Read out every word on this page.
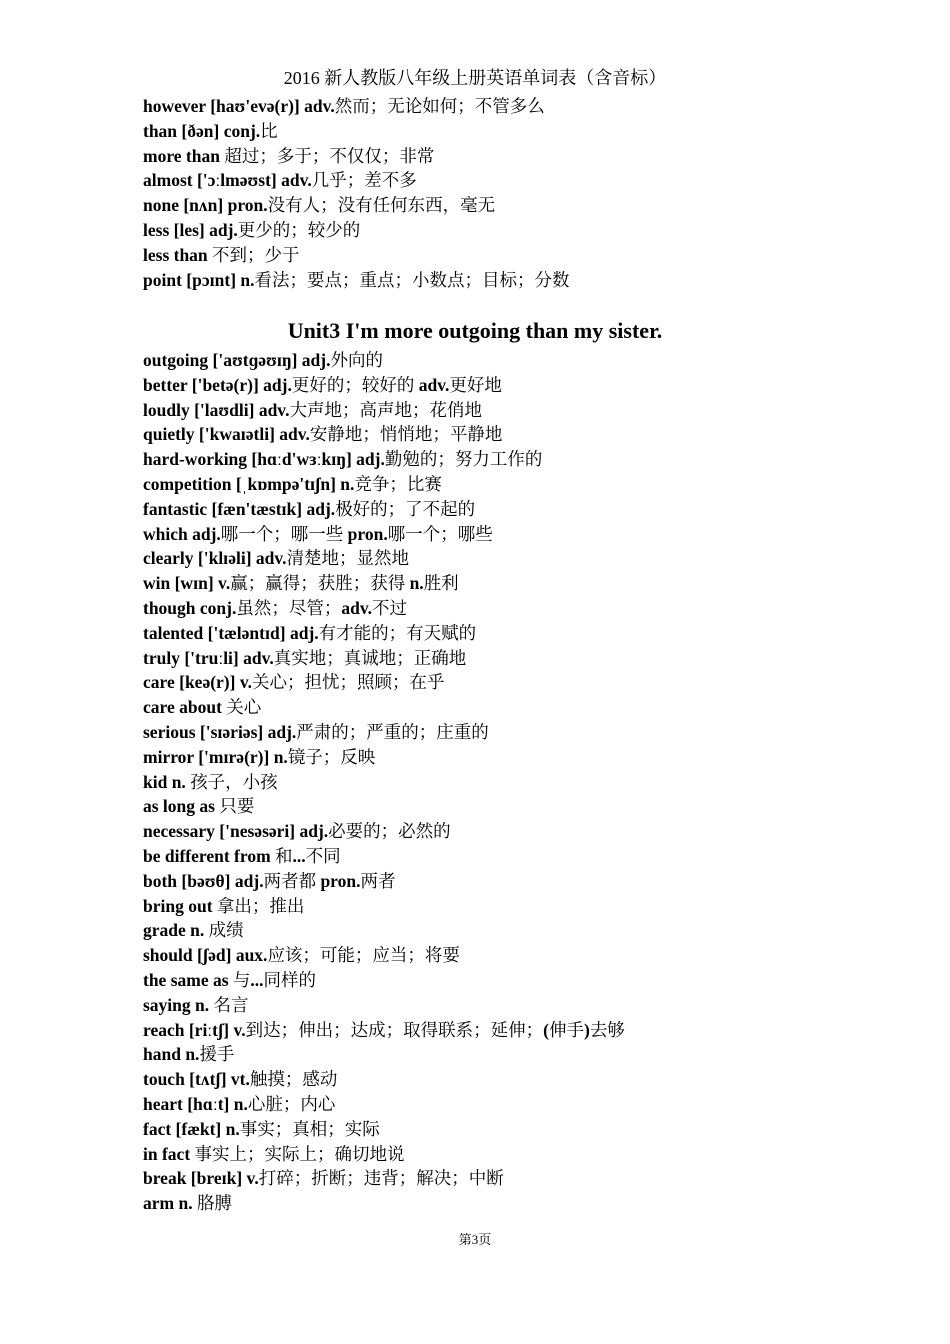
2016 新人教版八年级上册英语单词表（含音标）
however [haʊ'evə(r)] adv.然而；无论如何；不管多么
than [ðən] conj.比
more than 超过；多于；不仅仅；非常
almost ['ɔːlməʊst] adv.几乎；差不多
none [nʌn] pron.没有人；没有任何东西，毫无
less [les] adj.更少的；较少的
less than 不到；少于
point [pɔɪnt] n.看法；要点；重点；小数点；目标；分数
Unit3 I'm more outgoing than my sister.
outgoing ['aʊtɡəʊɪŋ] adj.外向的
better ['betə(r)] adj.更好的；较好的 adv.更好地
loudly ['laʊdli] adv.大声地；高声地；花俏地
quietly ['kwaɪətli] adv.安静地；悄悄地；平静地
hard-working [hɑːd'wɜːkɪŋ] adj.勤勉的；努力工作的
competition [ˌkɒmpə'tɪʃn] n.竞争；比赛
fantastic [fæn'tæstɪk] adj.极好的；了不起的
which adj.哪一个；哪一些 pron.哪一个；哪些
clearly ['klɪəli] adv.清楚地；显然地
win [wɪn] v.赢；赢得；获胜；获得 n.胜利
though conj.虽然；尽管；adv.不过
talented ['tæləntɪd] adj.有才能的；有天赋的
truly ['truːli] adv.真实地；真诚地；正确地
care [keə(r)] v.关心；担忧；照顾；在乎
care about 关心
serious ['sɪəriəs] adj.严肃的；严重的；庄重的
mirror ['mɪrə(r)] n.镜子；反映
kid n. 孩子，小孩
as long as 只要
necessary ['nesəsəri] adj.必要的；必然的
be different from 和...不同
both [bəʊθ] adj.两者都 pron.两者
bring out 拿出；推出
grade n. 成绩
should [ʃəd] aux.应该；可能；应当；将要
the same as 与...同样的
saying n. 名言
reach [riːtʃ] v.到达；伸出；达成；取得联系；延伸；(伸手)去够
hand n.援手
touch [tʌtʃ] vt.触摸；感动
heart [hɑːt] n.心脏；内心
fact [fækt] n.事实；真相；实际
in fact 事实上；实际上；确切地说
break [breɪk] v.打碎；折断；违背；解决；中断
arm n. 胳膊
第3页
